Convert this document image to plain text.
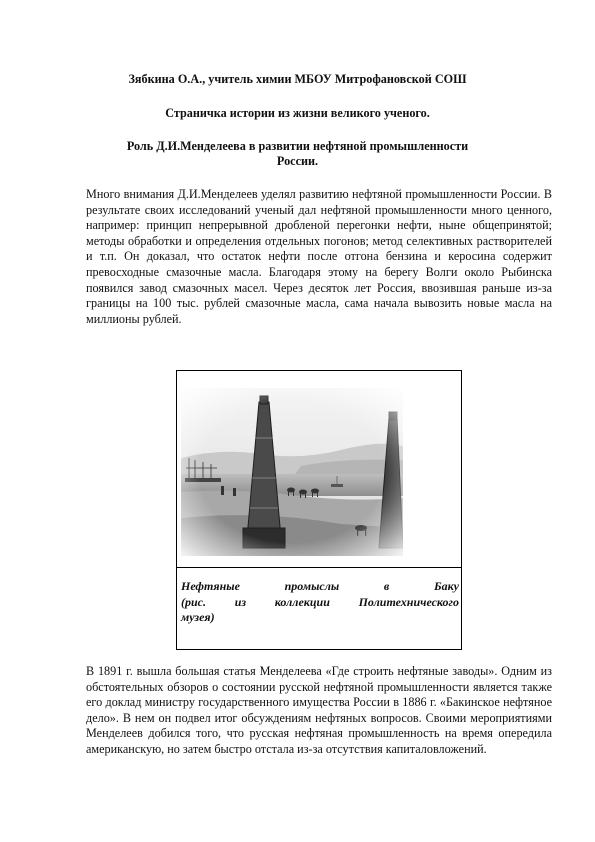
Зябкина О.А., учитель химии МБОУ Митрофановской СОШ
Страничка истории из жизни великого ученого.
Роль Д.И.Менделеева в развитии нефтяной промышленности
России.
Много внимания Д.И.Менделеев уделял развитию нефтяной промышленности России. В результате своих исследований ученый дал нефтяной промышленности много ценного, например: принцип непрерывной дробленой перегонки нефти, ныне общепринятой; методы обработки и определения отдельных погонов; метод селективных растворителей и т.п. Он доказал, что остаток нефти после отгона бензина и керосина содержит превосходные смазочные масла. Благодаря этому на берегу Волги около Рыбинска появился завод смазочных масел. Через десяток лет Россия, ввозившая раньше из-за границы на 100 тыс. рублей смазочные масла, сама начала вывозить новые масла на миллионы рублей.
Нефтяные промыслы в Баку
(рис. из коллекции Политехнического
музея)
В 1891 г. вышла большая статья Менделеева «Где строить нефтяные заводы». Одним из обстоятельных обзоров о состоянии русской нефтяной промышленности является также его доклад министру государственного имущества России в 1886 г. «Бакинское нефтяное дело». В нем он подвел итог обсуждениям нефтяных вопросов. Своими мероприятиями Менделеев добился того, что русская нефтяная промышленность на время опередила американскую, но затем быстро отстала из-за отсутствия капиталовложений.
